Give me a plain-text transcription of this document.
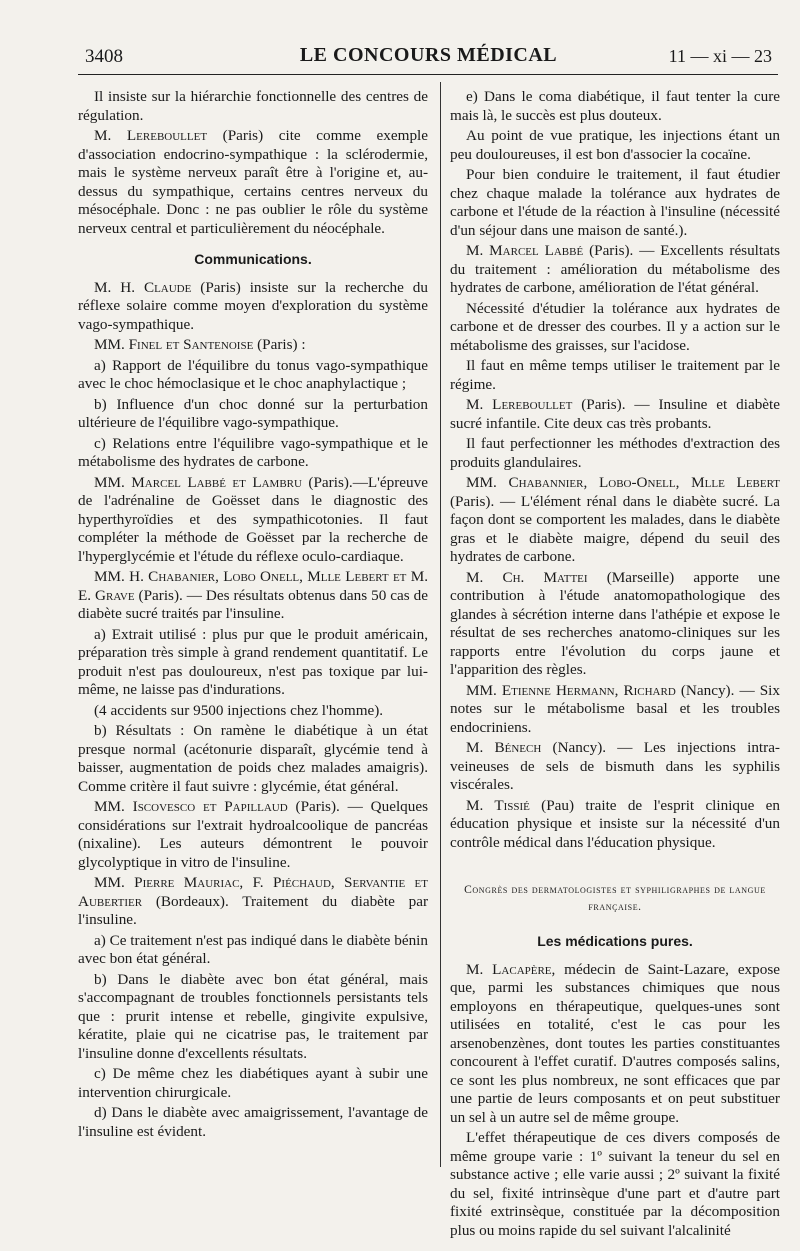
3408	LE CONCOURS MÉDICAL	11 — xi — 23

Il insiste sur la hiérarchie fonctionnelle des centres de régulation.

M. Lereboullet (Paris) cite comme exemple d'association endocrino-sympathique : la sclérodermie, mais le système nerveux paraît être à l'origine et, au-dessus du sympathique, certains centres nerveux du mésocéphale. Donc : ne pas oublier le rôle du système nerveux central et particulièrement du néocéphale.

Communications.

M. H. Claude (Paris) insiste sur la recherche du réflexe solaire comme moyen d'exploration du système vago-sympathique.

MM. Finel et Santenoise (Paris) :

a) Rapport de l'équilibre du tonus vago-sympathique avec le choc hémoclasique et le choc anaphylactique ;

b) Influence d'un choc donné sur la perturbation ultérieure de l'équilibre vago-sympathique.

c) Relations entre l'équilibre vago-sympathique et le métabolisme des hydrates de carbone.

MM. Marcel Labbé et Lambru (Paris).—L'épreuve de l'adrénaline de Goësset dans le diagnostic des hyperthyroïdies et des sympathicotonies. Il faut compléter la méthode de Goësset par la recherche de l'hyperglycémie et l'étude du réflexe oculo-cardiaque.

MM. H. Chabanier, Lobo Onell, Mlle Lebert et M. E. Grave (Paris). — Des résultats obtenus dans 50 cas de diabète sucré traités par l'insuline.

a) Extrait utilisé : plus pur que le produit américain, préparation très simple à grand rendement quantitatif. Le produit n'est pas douloureux, n'est pas toxique par lui-même, ne laisse pas d'indurations.

(4 accidents sur 9500 injections chez l'homme).

b) Résultats : On ramène le diabétique à un état presque normal (acétonurie disparaît, glycémie tend à baisser, augmentation de poids chez malades amaigris). Comme critère il faut suivre : glycémie, état général.

MM. Iscovesco et Papillaud (Paris). — Quelques considérations sur l'extrait hydroalcoolique de pancréas (nixaline). Les auteurs démontrent le pouvoir glycolyptique in vitro de l'insuline.

MM. Pierre Mauriac, F. Piéchaud, Servantie et Aubertier (Bordeaux). Traitement du diabète par l'insuline.

a) Ce traitement n'est pas indiqué dans le diabète bénin avec bon état général.

b) Dans le diabète avec bon état général, mais s'accompagnant de troubles fonctionnels persistants tels que : prurit intense et rebelle, gingivite expulsive, kératite, plaie qui ne cicatrise pas, le traitement par l'insuline donne d'excellents résultats.

c) De même chez les diabétiques ayant à subir une intervention chirurgicale.

d) Dans le diabète avec amaigrissement, l'avantage de l'insuline est évident.

e) Dans le coma diabétique, il faut tenter la cure mais là, le succès est plus douteux.

Au point de vue pratique, les injections étant un peu douloureuses, il est bon d'associer la cocaïne.

Pour bien conduire le traitement, il faut étudier chez chaque malade la tolérance aux hydrates de carbone et l'étude de la réaction à l'insuline (nécessité d'un séjour dans une maison de santé.).

M. Marcel Labbé (Paris). — Excellents résultats du traitement : amélioration du métabolisme des hydrates de carbone, amélioration de l'état général.

Nécessité d'étudier la tolérance aux hydrates de carbone et de dresser des courbes. Il y a action sur le métabolisme des graisses, sur l'acidose.

Il faut en même temps utiliser le traitement par le régime.

M. Lereboullet (Paris). — Insuline et diabète sucré infantile. Cite deux cas très probants.

Il faut perfectionner les méthodes d'extraction des produits glandulaires.

MM. Chabannier, Lobo-Onell, Mlle Lebert (Paris). — L'élément rénal dans le diabète sucré. La façon dont se comportent les malades, dans le diabète gras et le diabète maigre, dépend du seuil des hydrates de carbone.

M. Ch. Mattei (Marseille) apporte une contribution à l'étude anatomopathologique des glandes à sécrétion interne dans l'athépie et expose le résultat de ses recherches anatomo-cliniques sur les rapports entre l'évolution du corps jaune et l'apparition des règles.

MM. Etienne Hermann, Richard (Nancy). — Six notes sur le métabolisme basal et les troubles endocriniens.

M. Bénech (Nancy). — Les injections intra-veineuses de sels de bismuth dans les syphilis viscérales.

M. Tissié (Pau) traite de l'esprit clinique en éducation physique et insiste sur la nécessité d'un contrôle médical dans l'éducation physique.

Congrès des dermatologistes et syphiligraphes de langue française.
Les médications pures.

M. Lacapère, médecin de Saint-Lazare, expose que, parmi les substances chimiques que nous employons en thérapeutique, quelques-unes sont utilisées en totalité, c'est le cas pour les arsenobenzènes, dont toutes les parties constituantes concourent à l'effet curatif. D'autres composés salins, ce sont les plus nombreux, ne sont efficaces que par une partie de leurs composants et on peut substituer un sel à un autre sel de même groupe.

L'effet thérapeutique de ces divers composés de même groupe varie : 1º suivant la teneur du sel en substance active ; elle varie aussi ; 2º suivant la fixité du sel, fixité intrinsèque d'une part et d'autre part fixité extrinsèque, constituée par la décomposition plus ou moins rapide du sel suivant l'alcalinité
